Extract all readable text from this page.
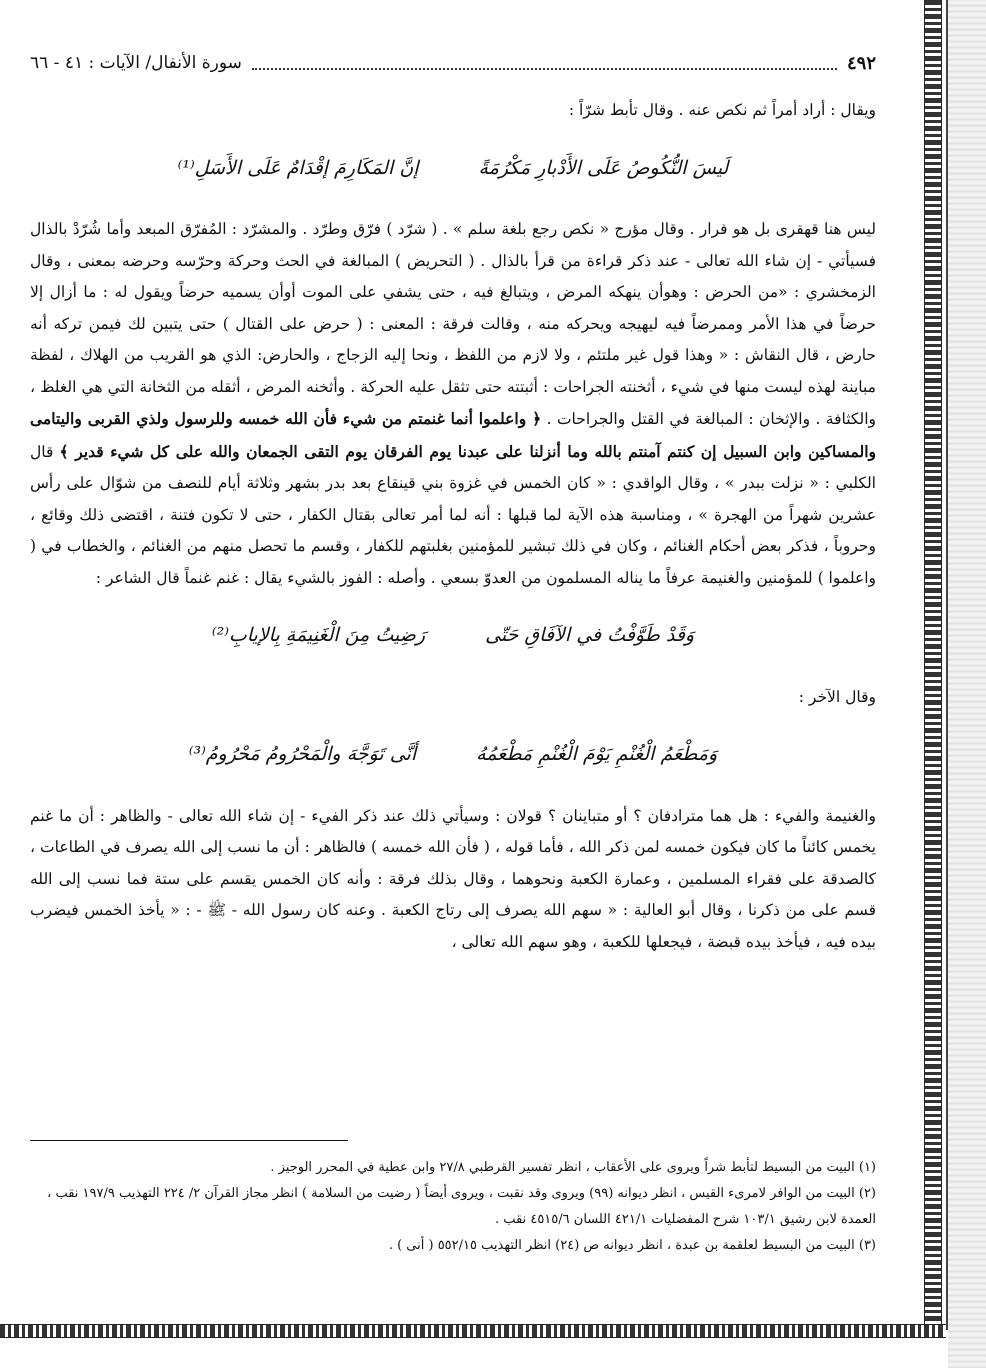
٤٩٢
سورة الأنفال/ الآيات : ٤١ - ٦٦

ويقال : أراد أمراً ثم نكص عنه . وقال تأبط شرّاً :

لَيسَ النُّكُوصُ عَلَى الأَدْبارِ مَكْرُمَةً
إنَّ المَكَارِمَ إقْدَامٌ عَلَى الأَسَلِ⁽¹⁾

ليس هنا قهقرى بل هو فرار . وقال مؤرج « نكص رجع بلغة سلم » . ( شرّد ) فرّق وطرّد . والمشرّد : المُفرّق المبعد وأما شُرّدْ بالذال فسيأتي - إن شاء الله تعالى - عند ذكر قراءة من قرأ بالذال . ( التحريض ) المبالغة في الحث وحركة وحرّسه وحرضه بمعنى ، وقال الزمخشري : «من الحرض : وهوأن ينهكه المرض ، ويتبالغ فيه ، حتى يشفي على الموت أوأن يسميه حرضاً ويقول له : ما أزال إلا حرضاً في هذا الأمر وممرضاً فيه ليهيجه ويحركه منه ، وقالت فرقة : المعنى : ( حرض على القتال ) حتى يتبين لك فيمن تركه أنه حارض ، قال النقاش : « وهذا قول غير ملتئم ، ولا لازم من اللفظ ، ونحا إليه الزجاج ، والحارض: الذي هو القريب من الهلاك ، لفظة مباينة لهذه ليست منها في شيء ، أثخنته الجراحات : أثبتته حتى تثقل عليه الحركة . وأثخنه المرض ، أثقله من الثخانة التي هي الغلظ ، والكثافة . والإثخان : المبالغة في القتل والجراحات . ﴿ واعلموا أنما غنمتم من شيء فأن الله خمسه وللرسول ولذي القربى واليتامى والمساكين وابن السبيل إن كنتم آمنتم بالله وما أنزلنا على عبدنا يوم الفرقان يوم التقى الجمعان والله على كل شيء قدير ﴾ قال الكلبي : « نزلت ببدر » ، وقال الواقدي : « كان الخمس في غزوة بني قينقاع بعد بدر بشهر وثلاثة أيام للنصف من شوّال على رأس عشرين شهراً من الهجرة » ، ومناسبة هذه الآية لما قبلها : أنه لما أمر تعالى بقتال الكفار ، حتى لا تكون فتنة ، اقتضى ذلك وقائع ، وحروباً ، فذكر بعض أحكام الغنائم ، وكان في ذلك تبشير للمؤمنين بغلبتهم للكفار ، وقسم ما تحصل منهم من الغنائم ، والخطاب في ( واعلموا ) للمؤمنين والغنيمة عرفاً ما يناله المسلمون من العدوّ بسعي . وأصله : الفوز بالشيء يقال : غنم غنماً قال الشاعر :

وَقَدْ طَوَّفْتُ في الآفَاقِ حَتّى
رَضِيتُ مِنَ الْغَنِيمَةِ بِالإيابِ⁽²⁾

وقال الآخر :

وَمَطْعَمُ الْغُنْمِ يَوْمَ الْغُنْمِ مَطْعَمُهُ
أنَّى تَوَجَّهَ والْمَحْرُومُ مَحْرُومُ⁽³⁾

والغنيمة والفيء : هل هما مترادفان ؟ أو متباينان ؟ قولان : وسيأتي ذلك عند ذكر الفيء - إن شاء الله تعالى - والظاهر : أن ما غنم يخمس كائناً ما كان فيكون خمسه لمن ذكر الله ، فأما قوله ، ( فأن الله خمسه ) فالظاهر : أن ما نسب إلى الله يصرف في الطاعات ، كالصدقة على فقراء المسلمين ، وعمارة الكعبة ونحوهما ، وقال بذلك فرقة : وأنه كان الخمس يقسم على ستة فما نسب إلى الله قسم على من ذكرنا ، وقال أبو العالية : « سهم الله يصرف إلى رتاج الكعبة . وعنه كان رسول الله - ﷺ - : « يأخذ الخمس فيضرب بيده فيه ، فيأخذ بيده قبضة ، فيجعلها للكعبة ، وهو سهم الله تعالى ،

(١) البيت من البسيط لتأبط شراً ويروى على الأعقاب ، انظر تفسير القرطبي ٢٧/٨ وابن عطية في المحرر الوجيز .

(٢) البيت من الوافر لامرىء القيس ، انظر ديوانه (٩٩) ويروى وقد نقبت ، ويروى أيضاً ( رضيت من السلامة ) انظر مجاز القرآن ٢/ ٢٢٤ التهذيب ١٩٧/٩ نقب ، العمدة لابن رشيق ١٠٣/١ شرح المفضليات ٤٢١/١ اللسان ٤٥١٥/٦ نقب .

(٣) البيت من البسيط لعلقمة بن عبدة ، انظر ديوانه ص (٢٤) انظر التهذيب ٥٥٢/١٥ ( أنى ) .
